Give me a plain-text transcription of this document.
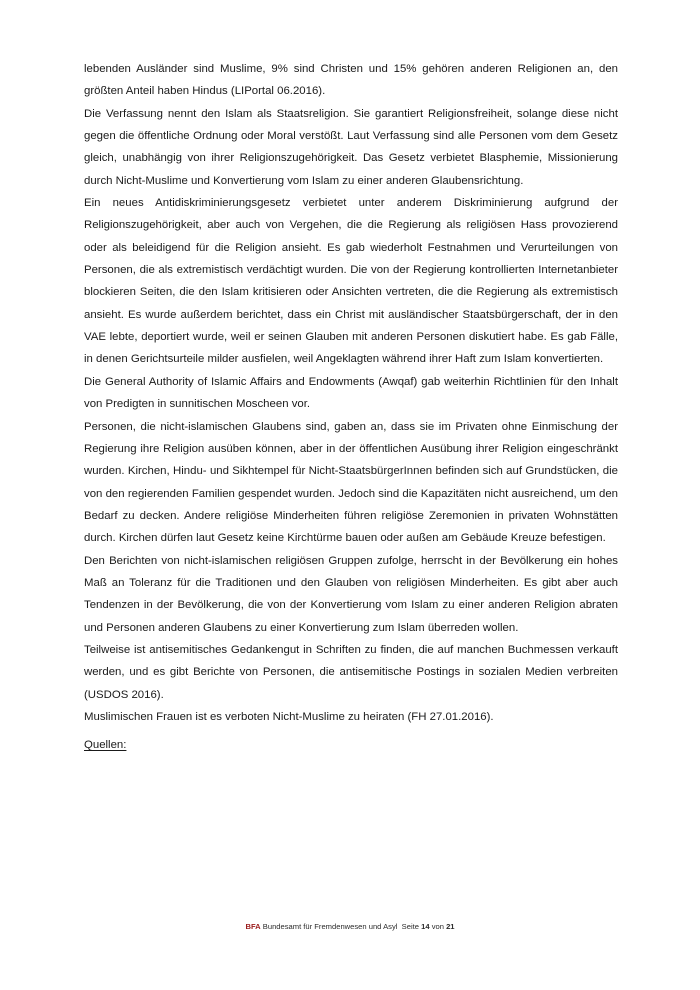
lebenden Ausländer sind Muslime, 9% sind Christen und 15% gehören anderen Religionen an, den größten Anteil haben Hindus (LIPortal 06.2016).

Die Verfassung nennt den Islam als Staatsreligion. Sie garantiert Religionsfreiheit, solange diese nicht gegen die öffentliche Ordnung oder Moral verstößt. Laut Verfassung sind alle Personen vom dem Gesetz gleich, unabhängig von ihrer Religionszugehörigkeit. Das Gesetz verbietet Blasphemie, Missionierung durch Nicht-Muslime und Konvertierung vom Islam zu einer anderen Glaubensrichtung.

Ein neues Antidiskriminierungsgesetz verbietet unter anderem Diskriminierung aufgrund der Religionszugehörigkeit, aber auch von Vergehen, die die Regierung als religiösen Hass provozierend oder als beleidigend für die Religion ansieht. Es gab wiederholt Festnahmen und Verurteilungen von Personen, die als extremistisch verdächtigt wurden. Die von der Regierung kontrollierten Internetanbieter blockieren Seiten, die den Islam kritisieren oder Ansichten vertreten, die die Regierung als extremistisch ansieht. Es wurde außerdem berichtet, dass ein Christ mit ausländischer Staatsbürgerschaft, der in den VAE lebte, deportiert wurde, weil er seinen Glauben mit anderen Personen diskutiert habe. Es gab Fälle, in denen Gerichtsurteile milder ausfielen, weil Angeklagten während ihrer Haft zum Islam konvertierten.

Die General Authority of Islamic Affairs and Endowments (Awqaf) gab weiterhin Richtlinien für den Inhalt von Predigten in sunnitischen Moscheen vor.

Personen, die nicht-islamischen Glaubens sind, gaben an, dass sie im Privaten ohne Einmischung der Regierung ihre Religion ausüben können, aber in der öffentlichen Ausübung ihrer Religion eingeschränkt wurden. Kirchen, Hindu- und Sikhtempel für Nicht-StaatsbürgerInnen befinden sich auf Grundstücken, die von den regierenden Familien gespendet wurden. Jedoch sind die Kapazitäten nicht ausreichend, um den Bedarf zu decken. Andere religiöse Minderheiten führen religiöse Zeremonien in privaten Wohnstätten durch. Kirchen dürfen laut Gesetz keine Kirchtürme bauen oder außen am Gebäude Kreuze befestigen.

Den Berichten von nicht-islamischen religiösen Gruppen zufolge, herrscht in der Bevölkerung ein hohes Maß an Toleranz für die Traditionen und den Glauben von religiösen Minderheiten. Es gibt aber auch Tendenzen in der Bevölkerung, die von der Konvertierung vom Islam zu einer anderen Religion abraten und Personen anderen Glaubens zu einer Konvertierung zum Islam überreden wollen.

Teilweise ist antisemitisches Gedankengut in Schriften zu finden, die auf manchen Buchmessen verkauft werden, und es gibt Berichte von Personen, die antisemitische Postings in sozialen Medien verbreiten (USDOS 2016).

Muslimischen Frauen ist es verboten Nicht-Muslime zu heiraten (FH 27.01.2016).

Quellen:
BFA Bundesamt für Fremdenwesen und Asyl Seite 14 von 21
